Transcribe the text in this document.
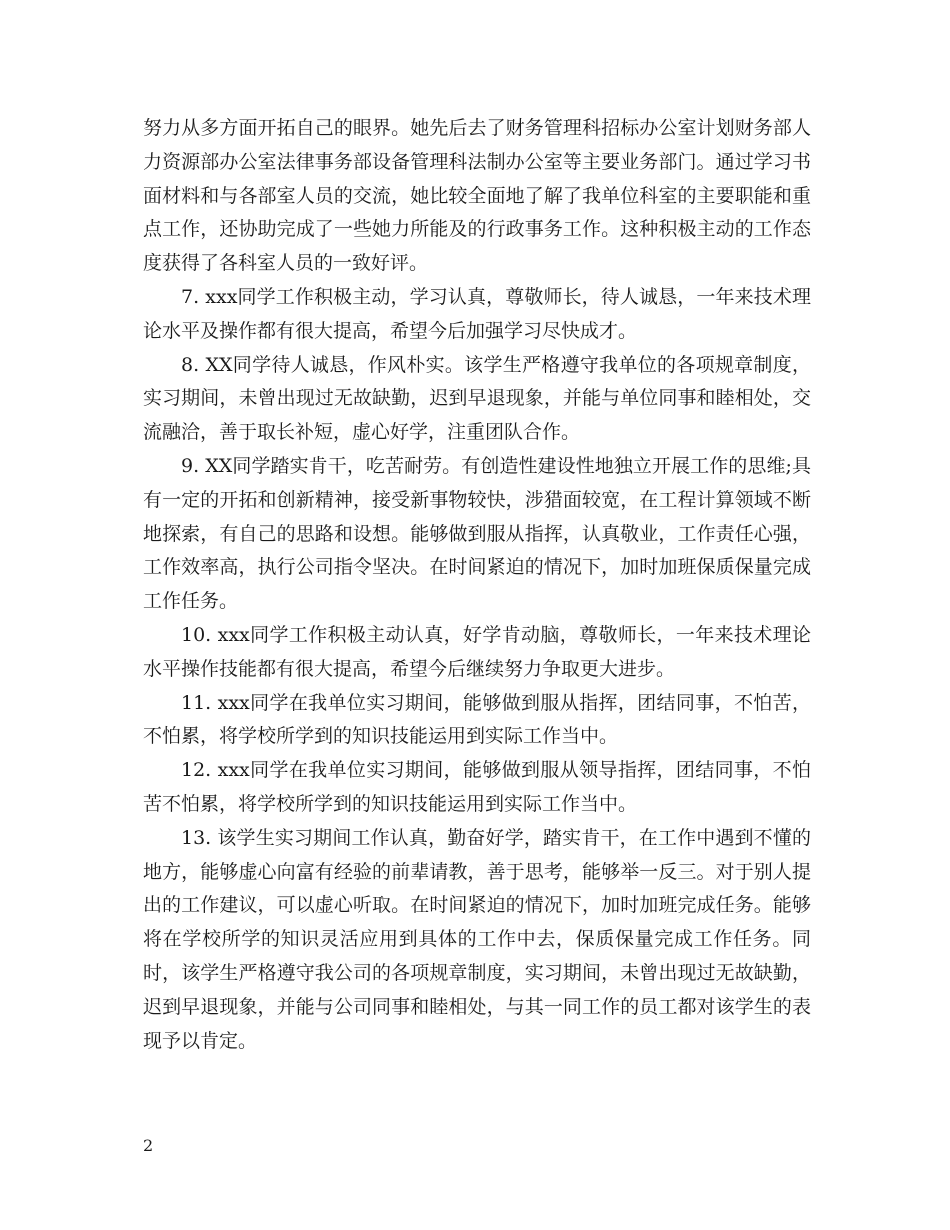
努力从多方面开拓自己的眼界。她先后去了财务管理科招标办公室计划财务部人力资源部办公室法律事务部设备管理科法制办公室等主要业务部门。通过学习书面材料和与各部室人员的交流，她比较全面地了解了我单位科室的主要职能和重点工作，还协助完成了一些她力所能及的行政事务工作。这种积极主动的工作态度获得了各科室人员的一致好评。

7. xxx同学工作积极主动，学习认真，尊敬师长，待人诚恳，一年来技术理论水平及操作都有很大提高，希望今后加强学习尽快成才。

8. XX同学待人诚恳，作风朴实。该学生严格遵守我单位的各项规章制度，实习期间，未曾出现过无故缺勤，迟到早退现象，并能与单位同事和睦相处，交流融洽，善于取长补短，虚心好学，注重团队合作。

9. XX同学踏实肯干，吃苦耐劳。有创造性建设性地独立开展工作的思维;具有一定的开拓和创新精神，接受新事物较快，涉猎面较宽，在工程计算领域不断地探索，有自己的思路和设想。能够做到服从指挥，认真敬业，工作责任心强，工作效率高，执行公司指令坚决。在时间紧迫的情况下，加时加班保质保量完成工作任务。

10. xxx同学工作积极主动认真，好学肯动脑，尊敬师长，一年来技术理论水平操作技能都有很大提高，希望今后继续努力争取更大进步。

11. xxx同学在我单位实习期间，能够做到服从指挥，团结同事，不怕苦，不怕累，将学校所学到的知识技能运用到实际工作当中。

12. xxx同学在我单位实习期间，能够做到服从领导指挥，团结同事，不怕苦不怕累，将学校所学到的知识技能运用到实际工作当中。

13. 该学生实习期间工作认真，勤奋好学，踏实肯干，在工作中遇到不懂的地方，能够虚心向富有经验的前辈请教，善于思考，能够举一反三。对于别人提出的工作建议，可以虚心听取。在时间紧迫的情况下，加时加班完成任务。能够将在学校所学的知识灵活应用到具体的工作中去，保质保量完成工作任务。同时，该学生严格遵守我公司的各项规章制度，实习期间，未曾出现过无故缺勤，迟到早退现象，并能与公司同事和睦相处，与其一同工作的员工都对该学生的表现予以肯定。

2
